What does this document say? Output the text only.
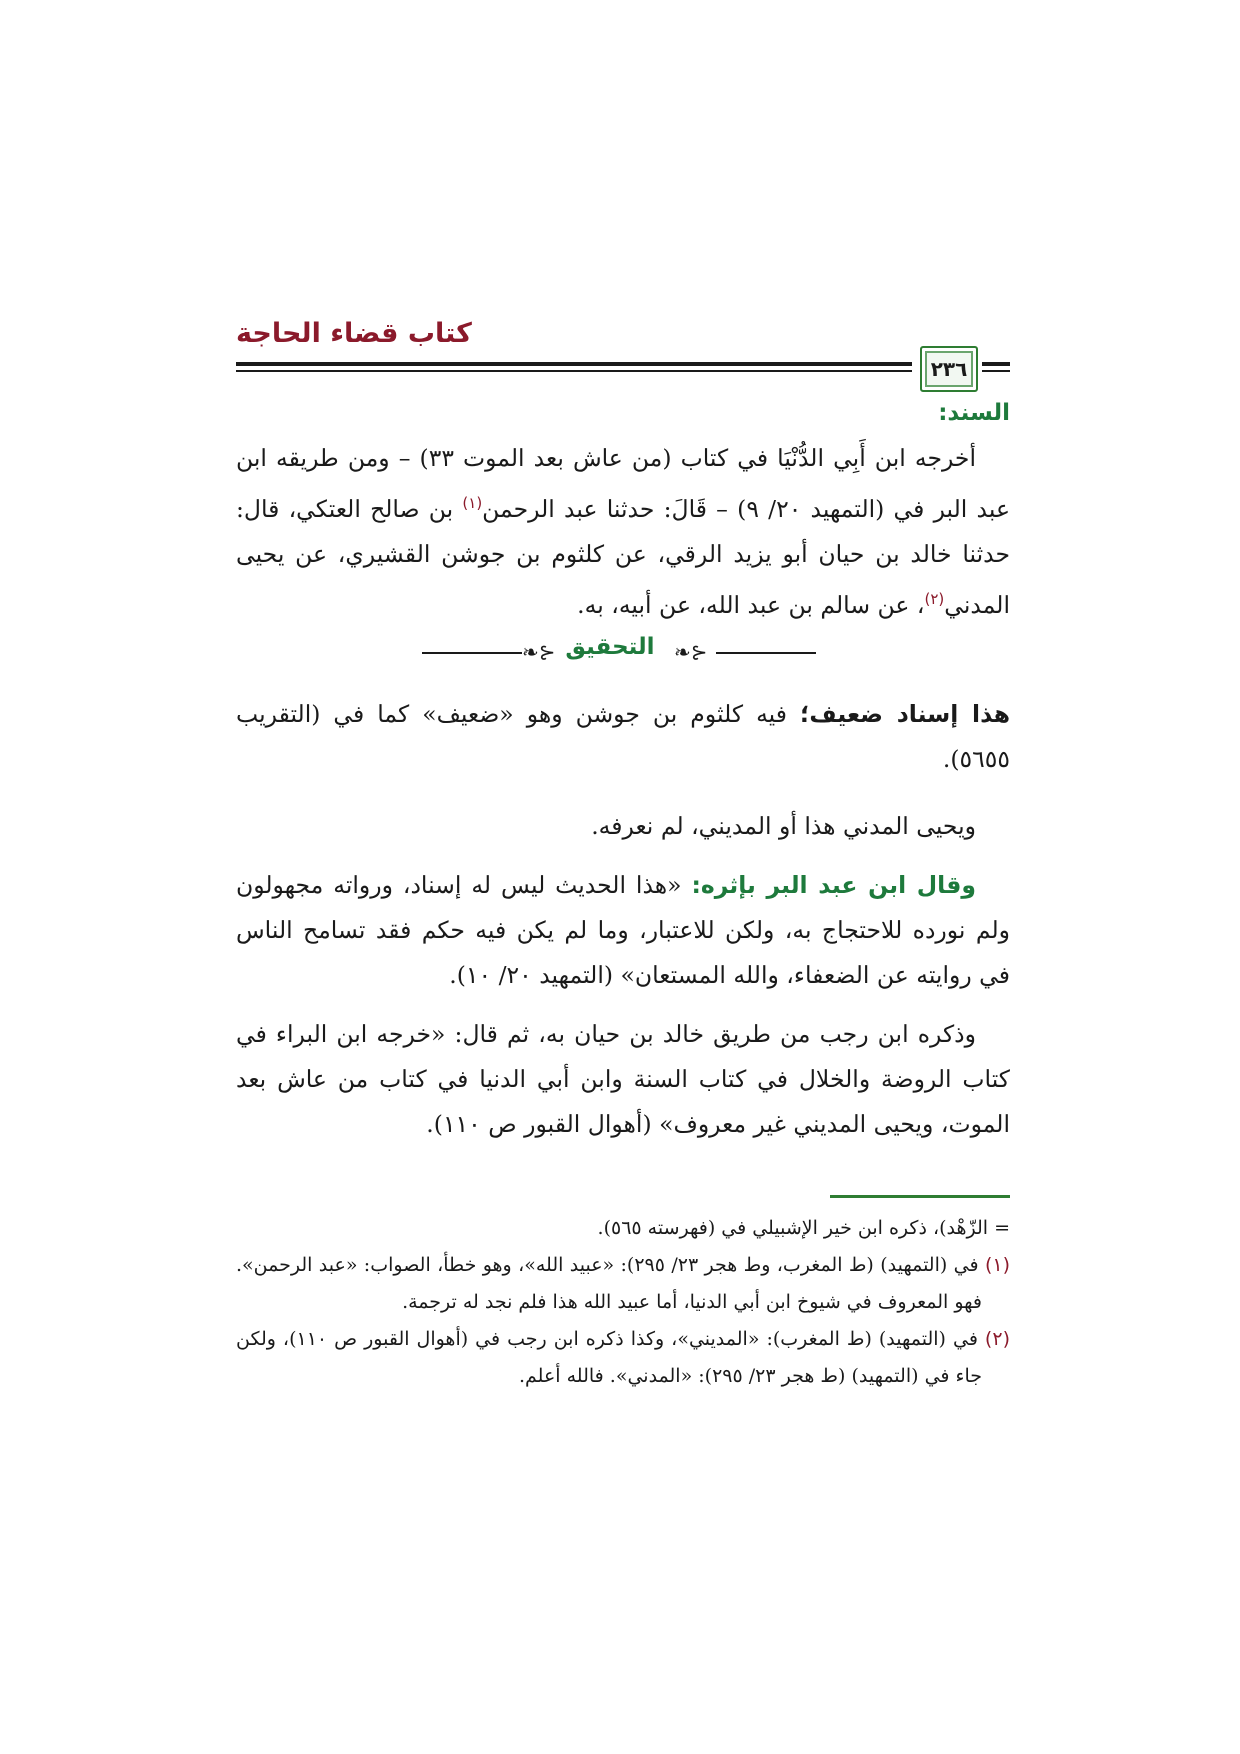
كتاب قضاء الحاجة
٢٣٦
السند:

أخرجه ابن أَبِي الدُّنْيَا في كتاب (من عاش بعد الموت ٣٣) – ومن طريقه ابن عبد البر في (التمهيد ٢٠/ ٩) – قَالَ: حدثنا عبد الرحمن$^{(١)}$ بن صالح العتكي، قال: حدثنا خالد بن حيان أبو يزيد الرقي، عن كلثوم بن جوشن القشيري، عن يحيى المدني$^{(٢)}$، عن سالم بن عبد الله، عن أبيه، به.

⊰❧ التحقيق ⊰❧

هذا إسناد ضعيف؛ فيه كلثوم بن جوشن وهو «ضعيف» كما في (التقريب ٥٦٥٥).

ويحيى المدني هذا أو المديني، لم نعرفه.

وقال ابن عبد البر بإثره: «هذا الحديث ليس له إسناد، ورواته مجهولون ولم نورده للاحتجاج به، ولكن للاعتبار، وما لم يكن فيه حكم فقد تسامح الناس في روايته عن الضعفاء، والله المستعان» (التمهيد ٢٠/ ١٠).

وذكره ابن رجب من طريق خالد بن حيان به، ثم قال: «خرجه ابن البراء في كتاب الروضة والخلال في كتاب السنة وابن أبي الدنيا في كتاب من عاش بعد الموت، ويحيى المديني غير معروف» (أهوال القبور ص ١١٠).

= الزّهْد)، ذكره ابن خير الإشبيلي في (فهرسته ٥٦٥).

(١) في (التمهيد) (ط المغرب، وط هجر ٢٣/ ٢٩٥): «عبيد الله»، وهو خطأ، الصواب: «عبد الرحمن». فهو المعروف في شيوخ ابن أبي الدنيا، أما عبيد الله هذا فلم نجد له ترجمة.

(٢) في (التمهيد) (ط المغرب): «المديني»، وكذا ذكره ابن رجب في (أهوال القبور ص ١١٠)، ولكن جاء في (التمهيد) (ط هجر ٢٣/ ٢٩٥): «المدني». فالله أعلم.
